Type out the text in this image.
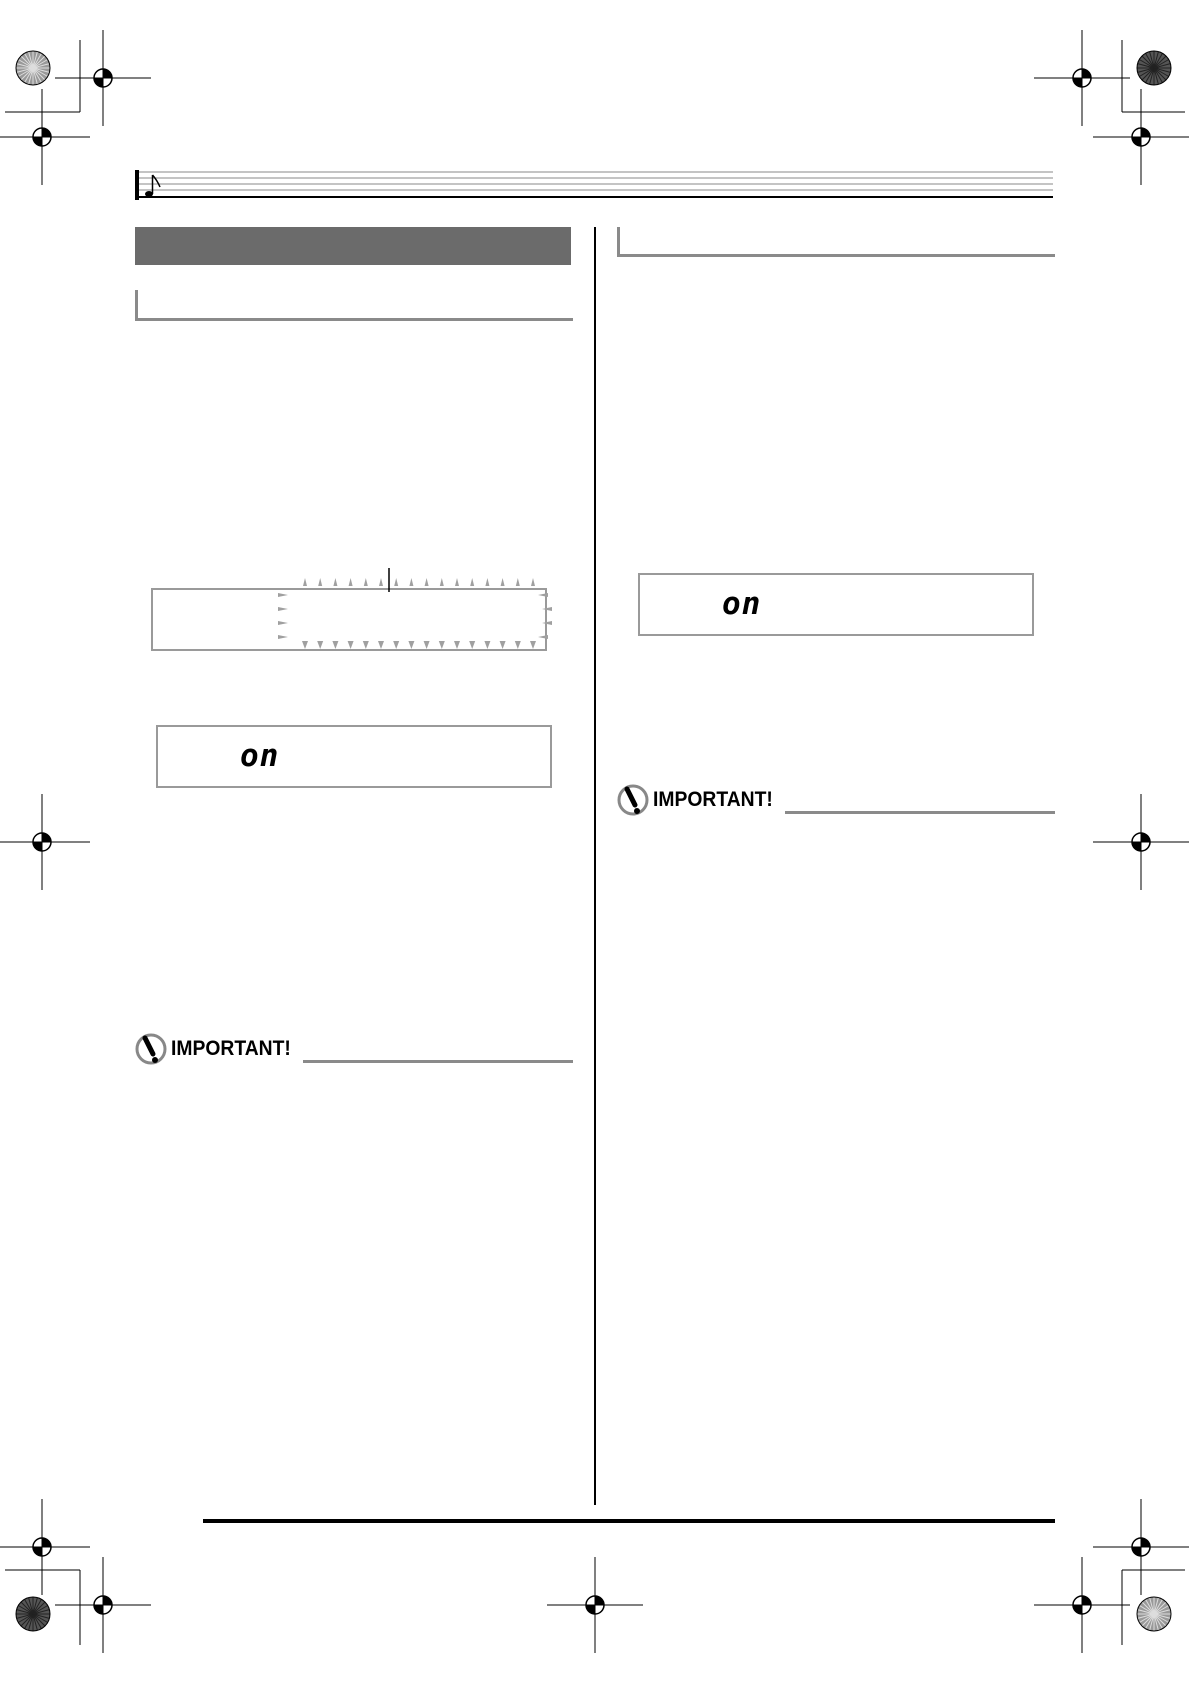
on
IMPORTANT!
on
IMPORTANT!
